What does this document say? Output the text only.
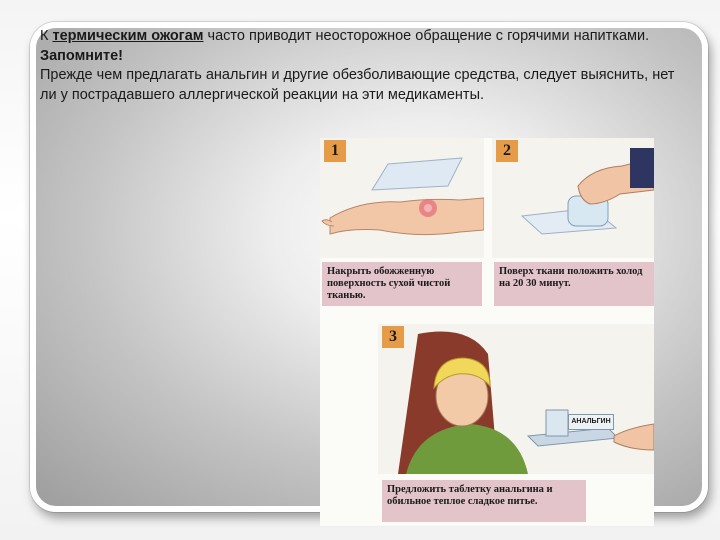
К термическим ожогам часто приводит неосторожное обращение с горячими напитками.

Запомните!

Прежде чем предлагать анальгин и другие обезболивающие средства, следует выяснить, нет ли у пострадавшего аллергической реакции на эти медикаменты.

1
Накрыть обожженную поверхность сухой чистой тканью.
2
Поверх ткани положить холод на 20 30 минут.
3
АНАЛЬГИН
Предложить таблетку анальгина и обильное теплое сладкое питье.
